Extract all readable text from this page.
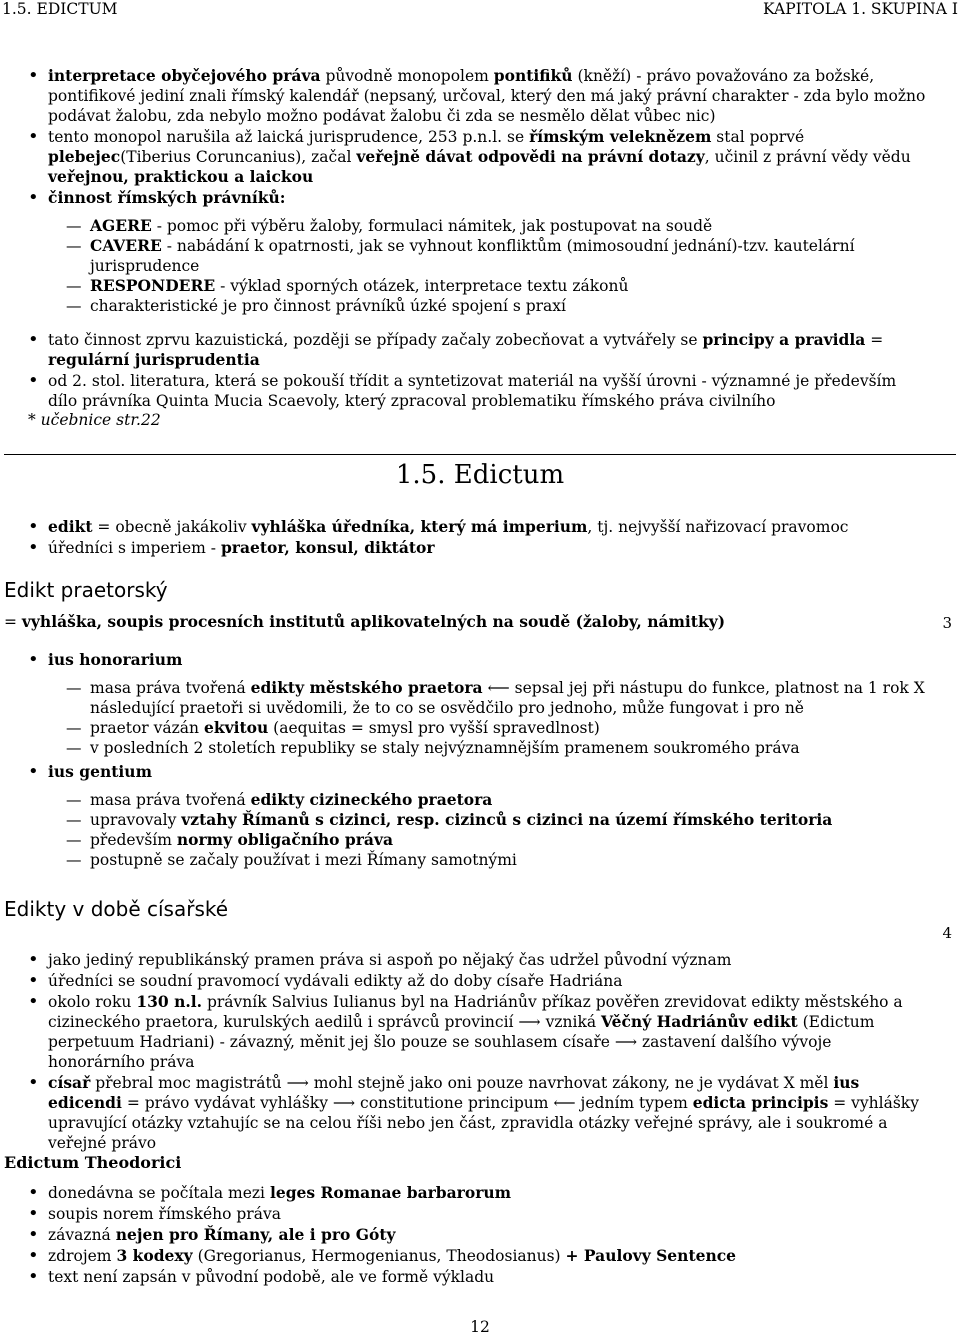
1.5. EDICTUM	KAPITOLA 1. SKUPINA I
• interpretace obyčejového práva původně monopolem pontifiků (kněží) - právo považováno za božské, pontifikové jediní znali římský kalendář (nepsaný, určoval, který den má jaký právní charakter - zda bylo možno podávat žalobu, zda nebylo možno podávat žalobu či zda se nesmělo dělat vůbec nic)
• tento monopol narušila až laická jurisprudence, 253 p.n.l. se římským veleknězem stal poprvé plebejec(Tiberius Coruncanius), začal veřejně dávat odpovědi na právní dotazy, učinil z právní vědy vědu veřejnou, praktickou a laickou
• činnost římských právníků:
— AGERE - pomoc při výběru žaloby, formulaci námitek, jak postupovat na soudě
— CAVERE - nabádání k opatrnosti, jak se vyhnout konfliktům (mimosoudní jednání)-tzv. kautelární jurisprudence
— RESPONDERE - výklad sporných otázek, interpretace textu zákonů
— charakteristické je pro činnost právníků úzké spojení s praxí
• tato činnost zprvu kazuistická, později se případy začaly zobecňovat a vytvářely se principy a pravidla = regulární jurisprudentia
• od 2. stol. literatura, která se pokouší třídit a syntetizovat materiál na vyšší úrovni - významné je především dílo právníka Quinta Mucia Scaevoly, který zpracoval problematiku římského práva civilního
* učebnice str.22
1.5. Edictum
• edikt = obecně jakákoliv vyhláška úředníka, který má imperium, tj. nejvyšší nařizovací pravomoc
• úředníci s imperiem - praetor, konsul, diktátor
Edikt praetorský
= vyhláška, soupis procesních institutů aplikovatelných na soudě (žaloby, námitky)	3
• ius honorarium
— masa práva tvořená edikty městského praetora ⟵ sepsal jej při nástupu do funkce, platnost na 1 rok X následující praetoři si uvědomili, že to co se osvědčilo pro jednoho, může fungovat i pro ně
— praetor vázán ekvitou (aequitas = smysl pro vyšší spravedlnost)
— v posledních 2 stoletích republiky se staly nejvýznamnějším pramenem soukromého práva
• ius gentium
— masa práva tvořená edikty cizineckého praetora
— upravovaly vztahy Římanů s cizinci, resp. cizinců s cizinci na území římského teritoria
— především normy obligačního práva
— postupně se začaly používat i mezi Římany samotnými
Edikty v době císařské
4
• jako jediný republikánský pramen práva si aspoň po nějaký čas udržel původní význam
• úředníci se soudní pravomocí vydávali edikty až do doby císaře Hadriána
• okolo roku 130 n.l. právník Salvius Iulianus byl na Hadriánův příkaz pověřen zrevidovat edikty městského a cizineckého praetora, kurulských aedilů i správců provincií ⟶ vzniká Věčný Hadriánův edikt (Edictum perpetuum Hadriani) - závazný, měnit jej šlo pouze se souhlasem císaře ⟶ zastavení dalšího vývoje honorárního práva
• císař přebral moc magistrátů ⟶ mohl stejně jako oni pouze navrhovat zákony, ne je vydávat X měl ius edicendi = právo vydávat vyhlášky ⟶ constitutione principum ⟵ jedním typem edicta principis = vyhlášky upravující otázky vztahujíc se na celou říši nebo jen část, zpravidla otázky veřejné správy, ale i soukromé a veřejné právo
Edictum Theodorici
• donedávna se počítala mezi leges Romanae barbarorum
• soupis norem římského práva
• závazná nejen pro Římany, ale i pro Góty
• zdrojem 3 kodexy (Gregorianus, Hermogenianus, Theodosianus) + Paulovy Sentence
• text není zapsán v původní podobě, ale ve formě výkladu
12
